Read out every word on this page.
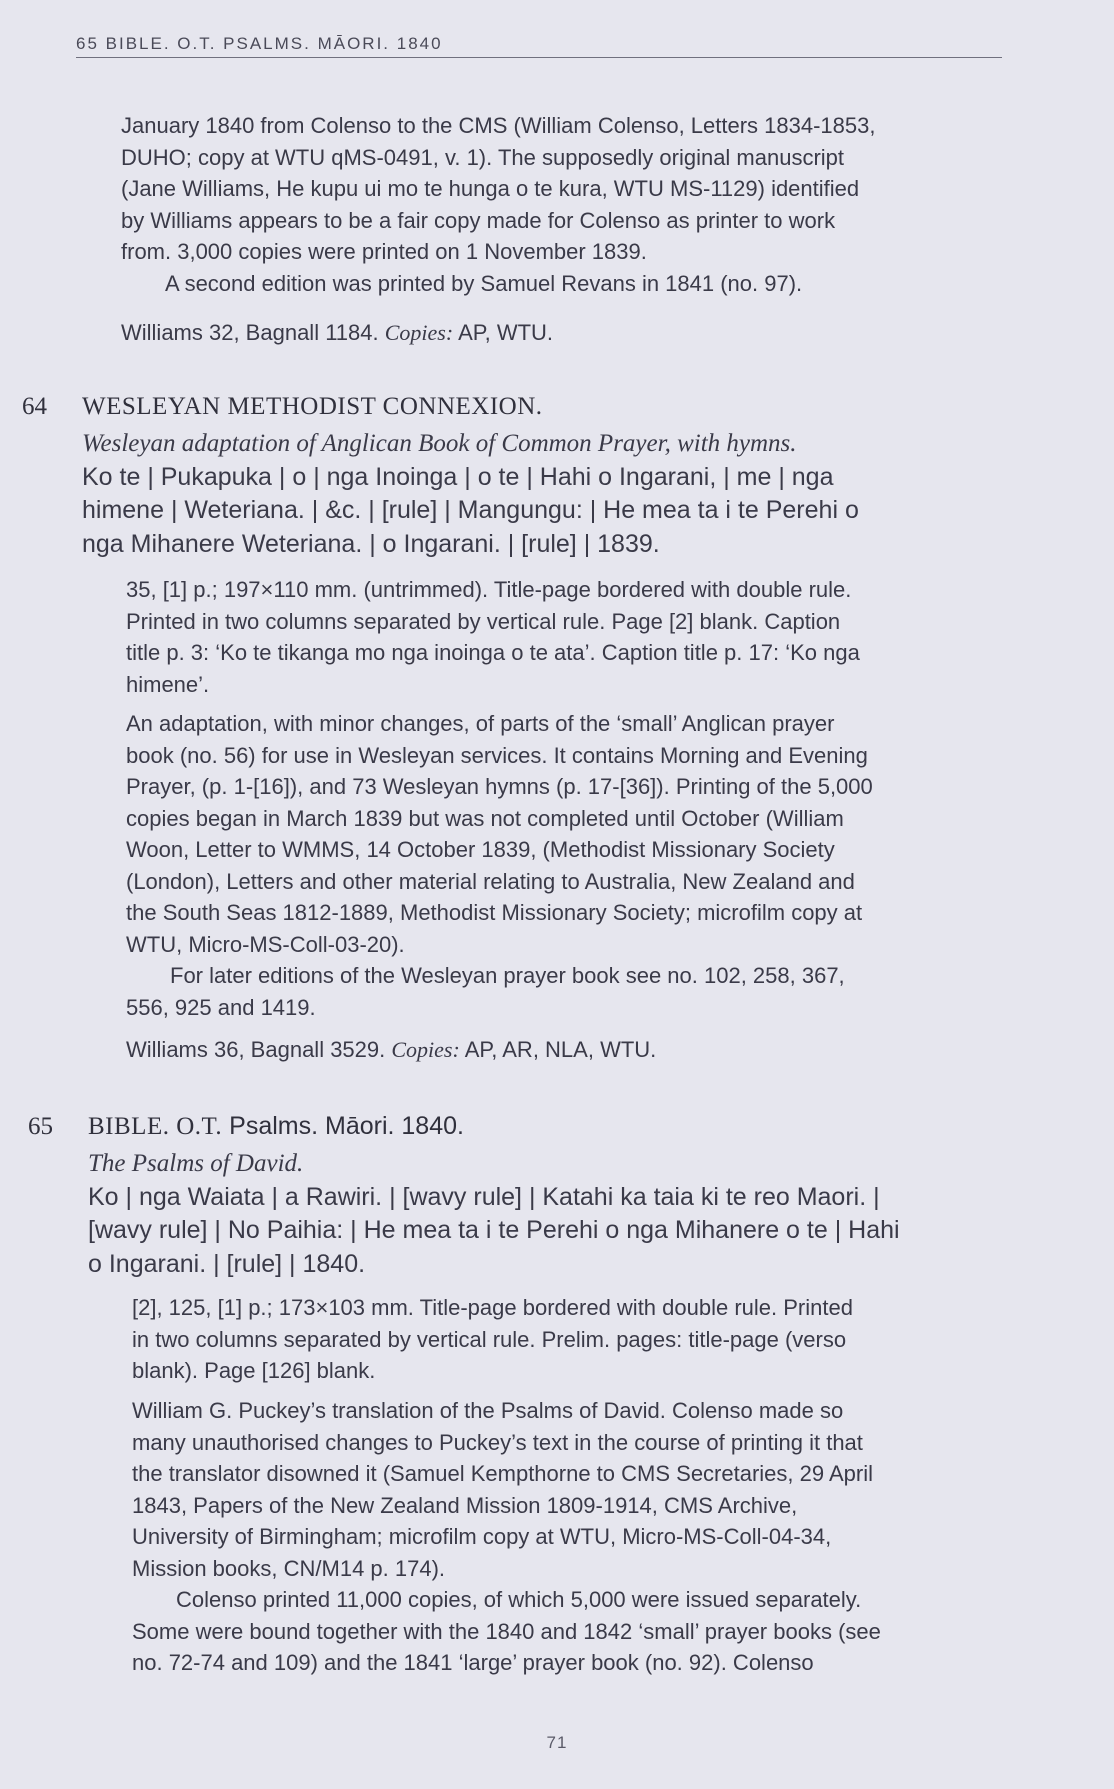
65 BIBLE. O.T. PSALMS. MĀORI. 1840
January 1840 from Colenso to the CMS (William Colenso, Letters 1834-1853,
DUHO; copy at WTU qMS-0491, v. 1). The supposedly original manuscript
(Jane Williams, He kupu ui mo te hunga o te kura, WTU MS-1129) identified
by Williams appears to be a fair copy made for Colenso as printer to work
from. 3,000 copies were printed on 1 November 1839.
A second edition was printed by Samuel Revans in 1841 (no. 97).
Williams 32, Bagnall 1184. Copies: AP, WTU.
64 WESLEYAN METHODIST CONNEXION.
Wesleyan adaptation of Anglican Book of Common Prayer, with hymns.
Ko te | Pukapuka | o | nga Inoinga | o te | Hahi o Ingarani, | me | nga
himene | Weteriana. | &c. | [rule] | Mangungu: | He mea ta i te Perehi o
nga Mihanere Weteriana. | o Ingarani. | [rule] | 1839.
35, [1] p.; 197×110 mm. (untrimmed). Title-page bordered with double rule.
Printed in two columns separated by vertical rule. Page [2] blank. Caption
title p. 3: ‘Ko te tikanga mo nga inoinga o te ata’. Caption title p. 17: ‘Ko nga
himene’.
An adaptation, with minor changes, of parts of the ‘small’ Anglican prayer
book (no. 56) for use in Wesleyan services. It contains Morning and Evening
Prayer, (p. 1-[16]), and 73 Wesleyan hymns (p. 17-[36]). Printing of the 5,000
copies began in March 1839 but was not completed until October (William
Woon, Letter to WMMS, 14 October 1839, (Methodist Missionary Society
(London), Letters and other material relating to Australia, New Zealand and
the South Seas 1812-1889, Methodist Missionary Society; microfilm copy at
WTU, Micro-MS-Coll-03-20).
For later editions of the Wesleyan prayer book see no. 102, 258, 367,
556, 925 and 1419.
Williams 36, Bagnall 3529. Copies: AP, AR, NLA, WTU.
65 BIBLE. O.T. Psalms. Māori. 1840.
The Psalms of David.
Ko | nga Waiata | a Rawiri. | [wavy rule] | Katahi ka taia ki te reo Maori. |
[wavy rule] | No Paihia: | He mea ta i te Perehi o nga Mihanere o te | Hahi
o Ingarani. | [rule] | 1840.
[2], 125, [1] p.; 173×103 mm. Title-page bordered with double rule. Printed
in two columns separated by vertical rule. Prelim. pages: title-page (verso
blank). Page [126] blank.
William G. Puckey’s translation of the Psalms of David. Colenso made so
many unauthorised changes to Puckey’s text in the course of printing it that
the translator disowned it (Samuel Kempthorne to CMS Secretaries, 29 April
1843, Papers of the New Zealand Mission 1809-1914, CMS Archive,
University of Birmingham; microfilm copy at WTU, Micro-MS-Coll-04-34,
Mission books, CN/M14 p. 174).
Colenso printed 11,000 copies, of which 5,000 were issued separately.
Some were bound together with the 1840 and 1842 ‘small’ prayer books (see
no. 72-74 and 109) and the 1841 ‘large’ prayer book (no. 92). Colenso
71
